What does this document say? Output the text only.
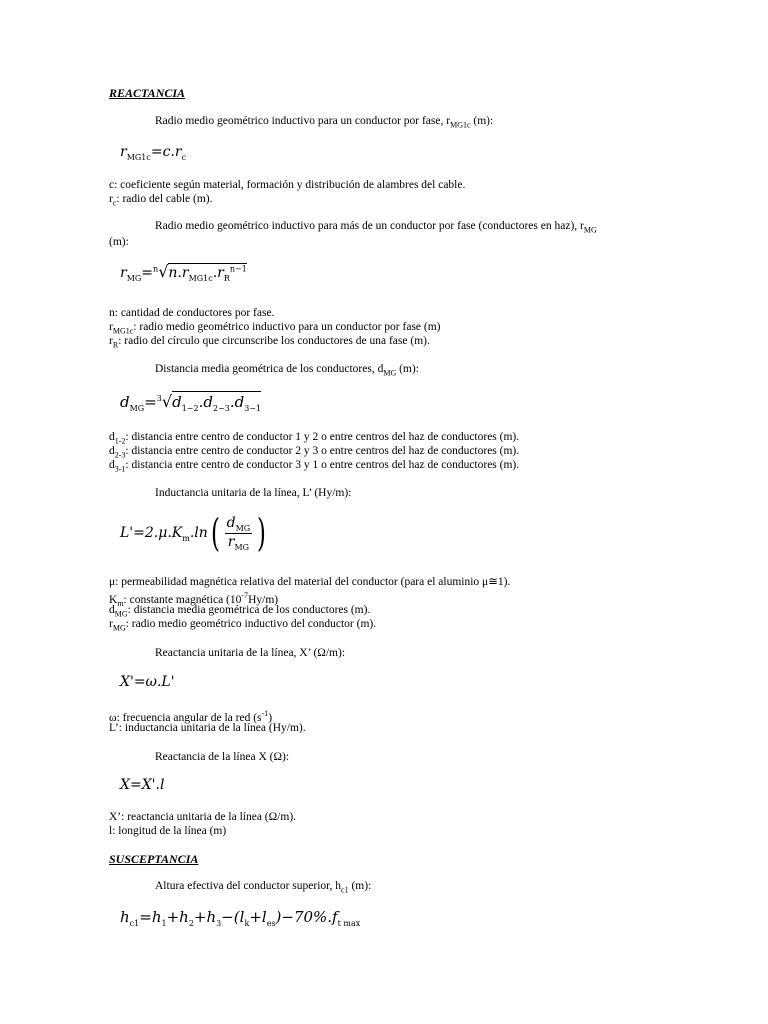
REACTANCIA
Radio medio geométrico inductivo para un conductor por fase, $r_{MG1c}$ (m):
$r_{MG1c}=c.r_c$
c: coeficiente según material, formación y distribución de alambres del cable.
$r_c$: radio del cable (m).
Radio medio geométrico inductivo para más de un conductor por fase (conductores en haz), $r_{MG}$
(m):
$r_{MG}=^n√n.r_{MG1c}.r_R^{n-1}$
n: cantidad de conductores por fase.
$r_{MG1c}$: radio medio geométrico inductivo para un conductor por fase (m)
$r_R$: radio del círculo que circunscribe los conductores de una fase (m).
Distancia media geométrica de los conductores, $d_{MG}$ (m):
$d_{MG}=^3√d_{1-2}.d_{2-3}.d_{3-1}$
$d_{1-2}$: distancia entre centro de conductor 1 y 2 o entre centros del haz de conductores (m).
$d_{2-3}$: distancia entre centro de conductor 2 y 3 o entre centros del haz de conductores (m).
$d_{3-1}$: distancia entre centro de conductor 3 y 1 o entre centros del haz de conductores (m).
Inductancia unitaria de la línea, L’ (Hy/m):
$L'=2.\mu.K_m.\ln( \frac{d_{MG}}{r_{MG}}$ )
μ: permeabilidad magnética relativa del material del conductor (para el aluminio μ≅1).
$K_m$: constante magnética $(10^{-7}Hy/m)$
$d_{MG}$: distancia media geométrica de los conductores (m).
$r_{MG}$: radio medio geométrico inductivo del conductor (m).
Reactancia unitaria de la línea, X’ (Ω/m):
X'=ω.L'
ω: frecuencia angular de la red $(s^{-1})$
L’: inductancia unitaria de la línea (Hy/m).
Reactancia de la línea X (Ω):
X=X'.l
X’: reactancia unitaria de la línea (Ω/m).
l: longitud de la línea (m)
SUSCEPTANCIA
Altura efectiva del conductor superior, $h_{c1}$ (m):
$h_{c1}=h_1+h_2+h_3-(l_k+l_{es})-70\%.f_{t max}$
